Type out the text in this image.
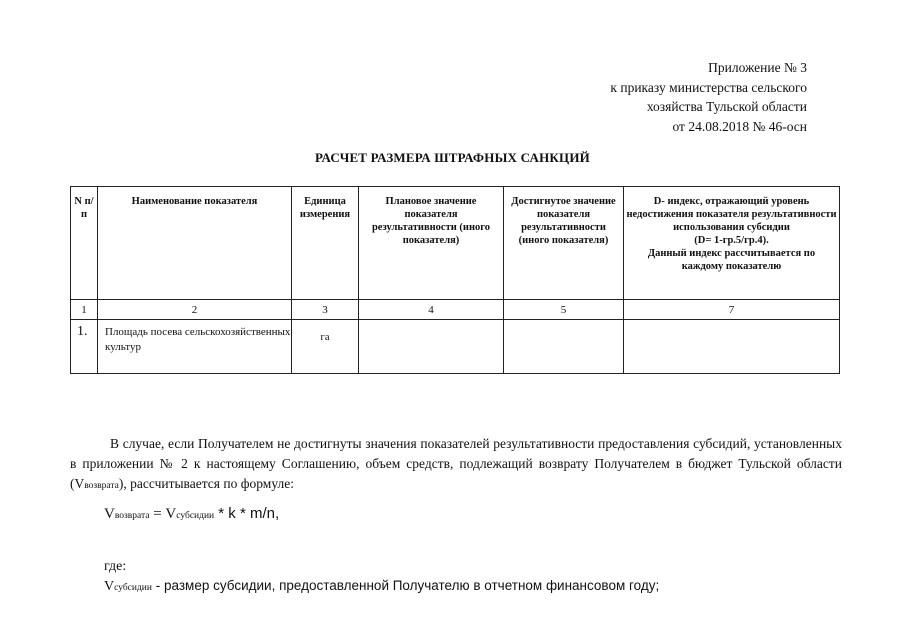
Приложение № 3
к приказу министерства сельского
хозяйства Тульской области
от 24.08.2018 № 46-осн
РАСЧЕТ РАЗМЕРА ШТРАФНЫХ САНКЦИЙ
N п/п	Наименование показателя	Единица измерения	Плановое значение показателя результативности (иного показателя)	Достигнутое значение показателя результативности (иного показателя)	D- индекс, отражающий уровень недостижения показателя результативности использования субсидии
(D= 1-гр.5/гр.4).
Данный индекс рассчитывается по каждому показателю

1	2	3	4	5	7
1.	Площадь посева сельскохозяйственных культур	га			
В случае, если Получателем не достигнуты значения показателей результативности предоставления субсидий, установленных в приложении № 2 к настоящему Соглашению, объем средств, подлежащий возврату Получателем в бюджет Тульской области (Vвозврата), рассчитывается по формуле:
Vвозврата = Vсубсидии * k * m/n,
где:
Vсубсидии - размер субсидии, предоставленной Получателю в отчетном финансовом году;
